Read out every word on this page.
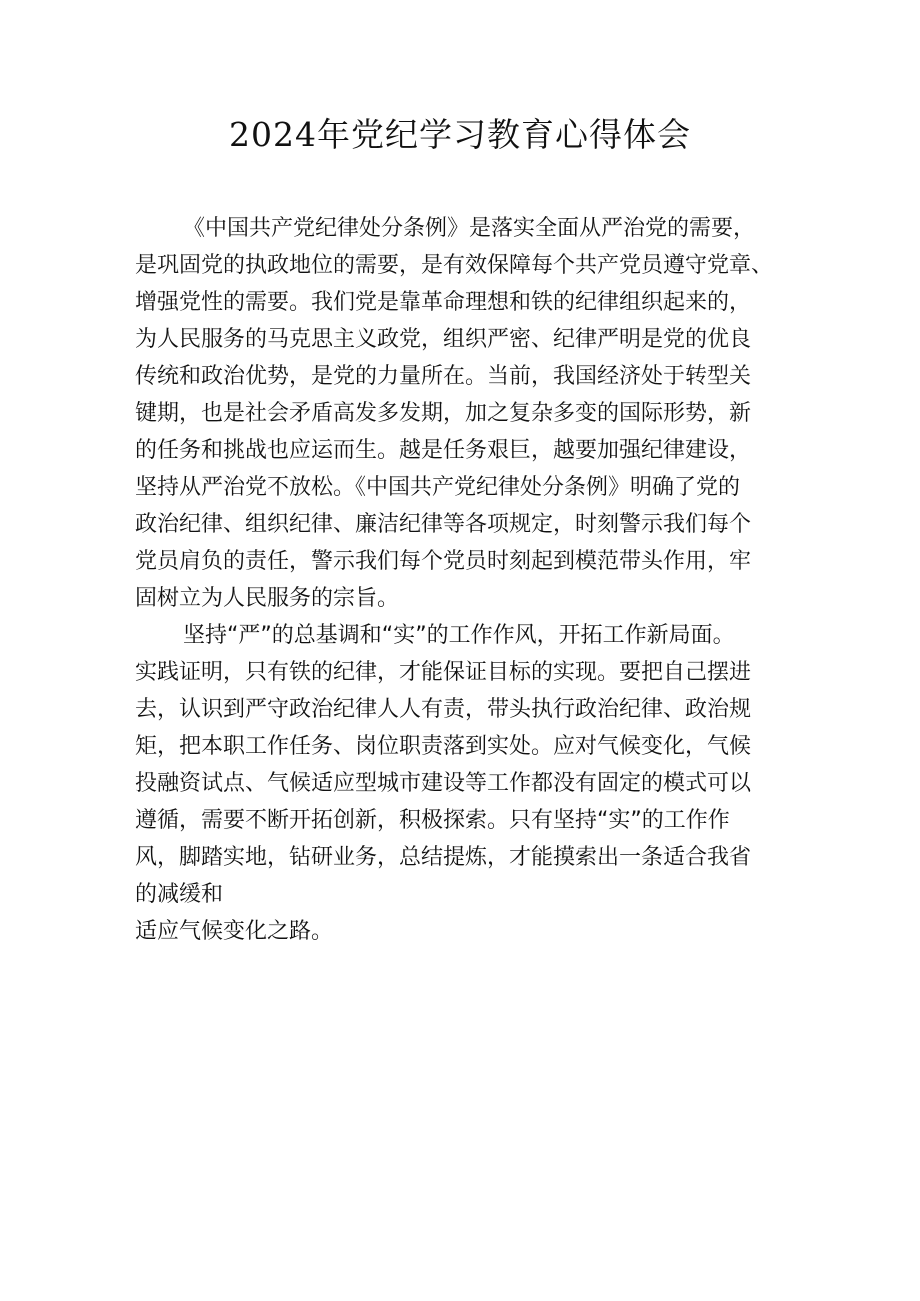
2024年党纪学习教育心得体会
《中国共产党纪律处分条例》是落实全面从严治党的需要，
是巩固党的执政地位的需要，是有效保障每个共产党员遵守党章、
增强党性的需要。我们党是靠革命理想和铁的纪律组织起来的，
为人民服务的马克思主义政党，组织严密、纪律严明是党的优良
传统和政治优势，是党的力量所在。当前，我国经济处于转型关
键期，也是社会矛盾高发多发期，加之复杂多变的国际形势，新
的任务和挑战也应运而生。越是任务艰巨，越要加强纪律建设，
坚持从严治党不放松。《中国共产党纪律处分条例》明确了党的
政治纪律、组织纪律、廉洁纪律等各项规定，时刻警示我们每个
党员肩负的责任，警示我们每个党员时刻起到模范带头作用，牢
固树立为人民服务的宗旨。
坚持“严”的总基调和“实”的工作作风，开拓工作新局面。
实践证明，只有铁的纪律，才能保证目标的实现。要把自己摆进
去，认识到严守政治纪律人人有责，带头执行政治纪律、政治规
矩，把本职工作任务、岗位职责落到实处。应对气候变化，气候
投融资试点、气候适应型城市建设等工作都没有固定的模式可以
遵循，需要不断开拓创新，积极探索。只有坚持“实”的工作作
风，脚踏实地，钻研业务，总结提炼，才能摸索出一条适合我省
的减缓和
适应气候变化之路。
